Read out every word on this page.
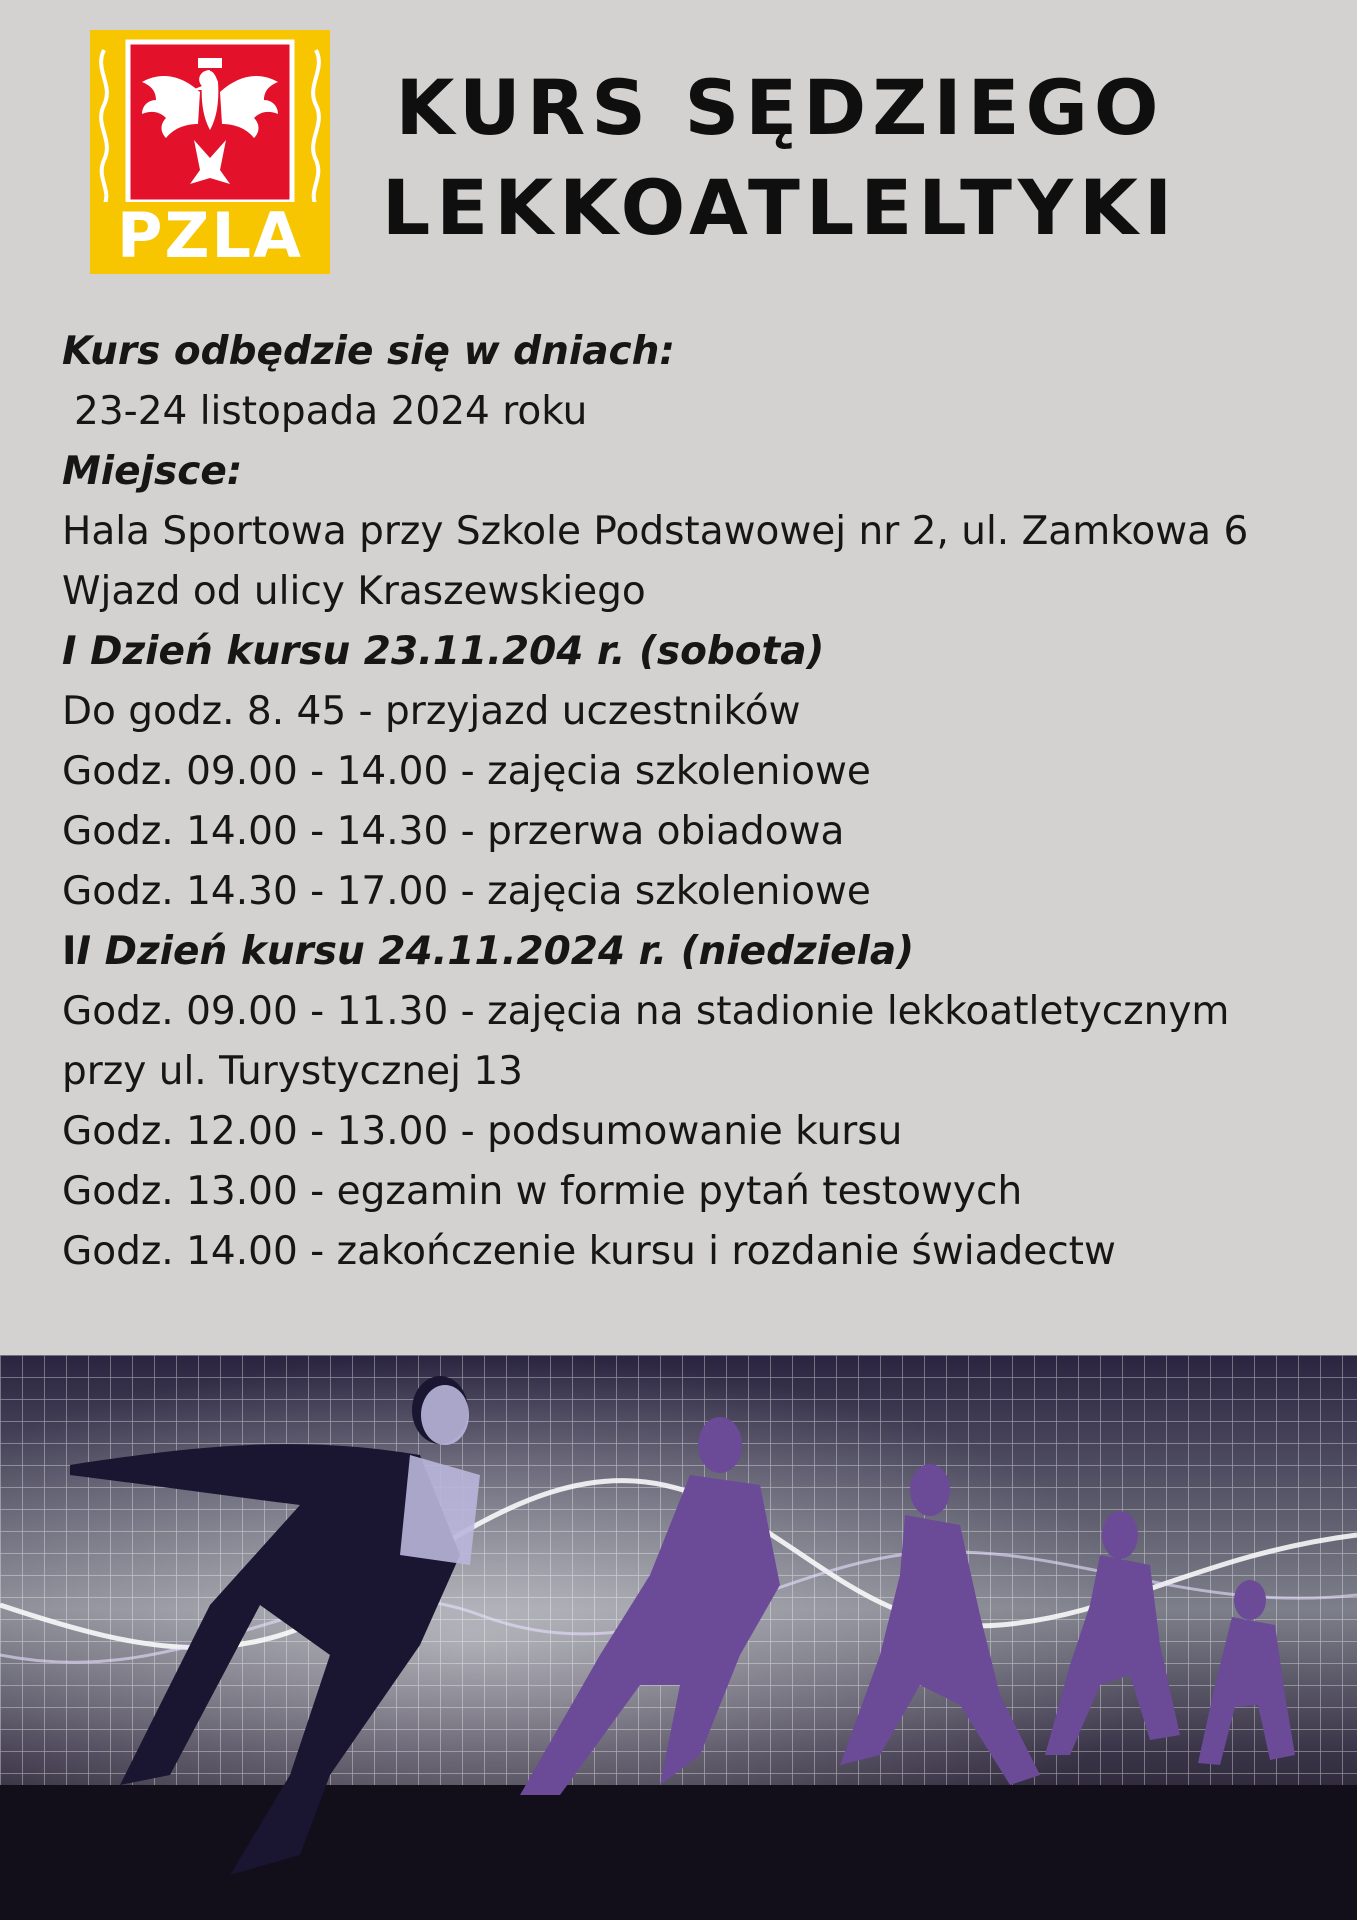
PZLA
KURS SĘDZIEGO
LEKKOATLELTYKI
Kurs odbędzie się w dniach:
23-24 listopada 2024 roku
Miejsce:
Hala Sportowa przy Szkole Podstawowej nr 2, ul. Zamkowa 6
Wjazd od ulicy Kraszewskiego
I Dzień kursu 23.11.204 r. (sobota)
Do godz. 8. 45 - przyjazd uczestników
Godz. 09.00 - 14.00 - zajęcia szkoleniowe
Godz. 14.00 - 14.30 - przerwa obiadowa
Godz. 14.30 - 17.00 - zajęcia szkoleniowe
II Dzień kursu 24.11.2024 r. (niedziela)
Godz. 09.00 - 11.30 - zajęcia na stadionie lekkoatletycznym
przy ul. Turystycznej 13
Godz. 12.00 - 13.00 - podsumowanie kursu
Godz. 13.00 - egzamin w formie pytań testowych
Godz. 14.00 - zakończenie kursu i rozdanie świadectw
